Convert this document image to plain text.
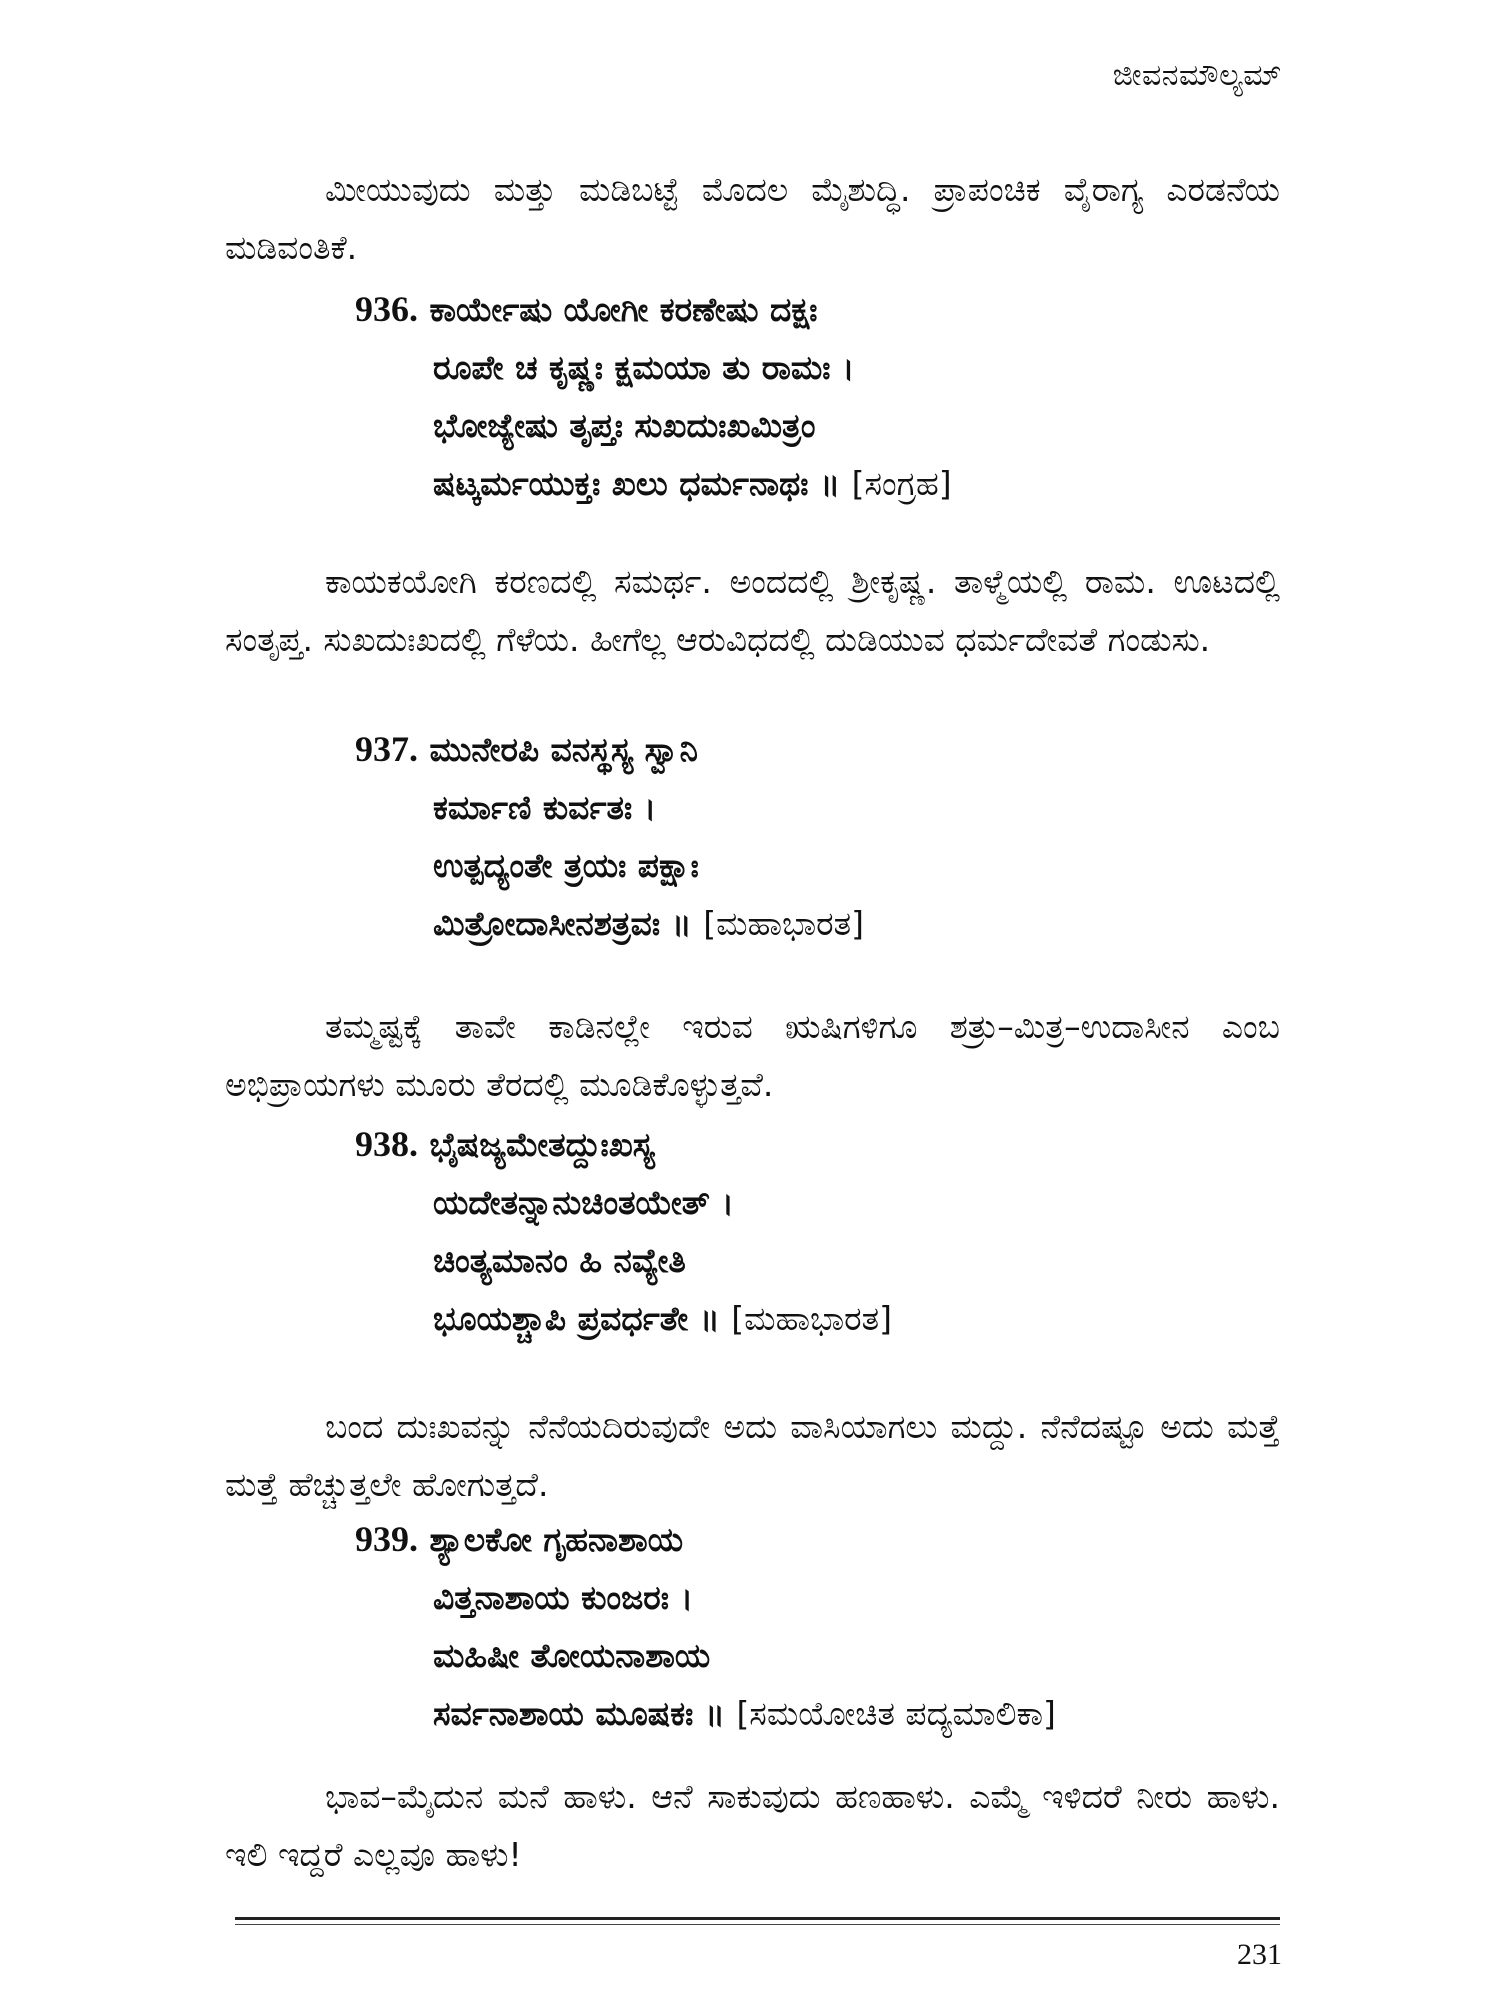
ಜೀವನಮೌಲ್ಯಮ್

ಮೀಯುವುದು ಮತ್ತು ಮಡಿಬಟ್ಟೆ ಮೊದಲ ಮೈಶುದ್ಧಿ. ಪ್ರಾಪಂಚಿಕ ವೈರಾಗ್ಯ ಎರಡನೆಯ ಮಡಿವಂತಿಕೆ.

936. ಕಾರ್ಯೇಷು ಯೋಗೀ ಕರಣೇಷು ದಕ್ಷಃ
ರೂಪೇ ಚ ಕೃಷ್ಣಃ ಕ್ಷಮಯಾ ತು ರಾಮಃ ।
ಭೋಜ್ಯೇಷು ತೃಪ್ತಃ ಸುಖದುಃಖಮಿತ್ರಂ
ಷಟ್ಕರ್ಮಯುಕ್ತಃ ಖಲು ಧರ್ಮನಾಥಃ ॥ [ಸಂಗ್ರಹ]

ಕಾಯಕಯೋಗಿ ಕರಣದಲ್ಲಿ ಸಮರ್ಥ. ಅಂದದಲ್ಲಿ ಶ್ರೀಕೃಷ್ಣ. ತಾಳ್ಮೆಯಲ್ಲಿ ರಾಮ. ಊಟದಲ್ಲಿ ಸಂತೃಪ್ತ. ಸುಖದುಃಖದಲ್ಲಿ ಗೆಳೆಯ. ಹೀಗೆಲ್ಲ ಆರುವಿಧದಲ್ಲಿ ದುಡಿಯುವ ಧರ್ಮದೇವತೆ ಗಂಡುಸು.

937. ಮುನೇರಪಿ ವನಸ್ಥಸ್ಯ ಸ್ವಾನಿ
ಕರ್ಮಾಣಿ ಕುರ್ವತಃ ।
ಉತ್ಪದ್ಯಂತೇ ತ್ರಯಃ ಪಕ್ಷಾಃ
ಮಿತ್ರೋದಾಸೀನಶತ್ರವಃ ॥ [ಮಹಾಭಾರತ]

ತಮ್ಮಷ್ಟಕ್ಕೆ ತಾವೇ ಕಾಡಿನಲ್ಲೇ ಇರುವ ಋಷಿಗಳಿಗೂ ಶತ್ರು–ಮಿತ್ರ–ಉದಾಸೀನ ಎಂಬ ಅಭಿಪ್ರಾಯಗಳು ಮೂರು ತೆರದಲ್ಲಿ ಮೂಡಿಕೊಳ್ಳುತ್ತವೆ.

938. ಭೈಷಜ್ಯಮೇತದ್ದುಃಖಸ್ಯ
ಯದೇತನ್ನಾನುಚಿಂತಯೇತ್ ।
ಚಿಂತ್ಯಮಾನಂ ಹಿ ನವ್ಯೇತಿ
ಭೂಯಶ್ಚಾಪಿ ಪ್ರವರ್ಧತೇ ॥ [ಮಹಾಭಾರತ]

ಬಂದ ದುಃಖವನ್ನು ನೆನೆಯದಿರುವುದೇ ಅದು ವಾಸಿಯಾಗಲು ಮದ್ದು. ನೆನೆದಷ್ಟೂ ಅದು ಮತ್ತೆ ಮತ್ತೆ ಹೆಚ್ಚುತ್ತಲೇ ಹೋಗುತ್ತದೆ.

939. ಶ್ಯಾಲಕೋ ಗೃಹನಾಶಾಯ
ವಿತ್ತನಾಶಾಯ ಕುಂಜರಃ ।
ಮಹಿಷೀ ತೋಯನಾಶಾಯ
ಸರ್ವನಾಶಾಯ ಮೂಷಕಃ ॥ [ಸಮಯೋಚಿತ ಪದ್ಯಮಾಲಿಕಾ]

ಭಾವ–ಮೈದುನ ಮನೆ ಹಾಳು. ಆನೆ ಸಾಕುವುದು ಹಣಹಾಳು. ಎಮ್ಮೆ ಇಳಿದರೆ ನೀರು ಹಾಳು. ಇಲಿ ಇದ್ದರೆ ಎಲ್ಲವೂ ಹಾಳು!

231
